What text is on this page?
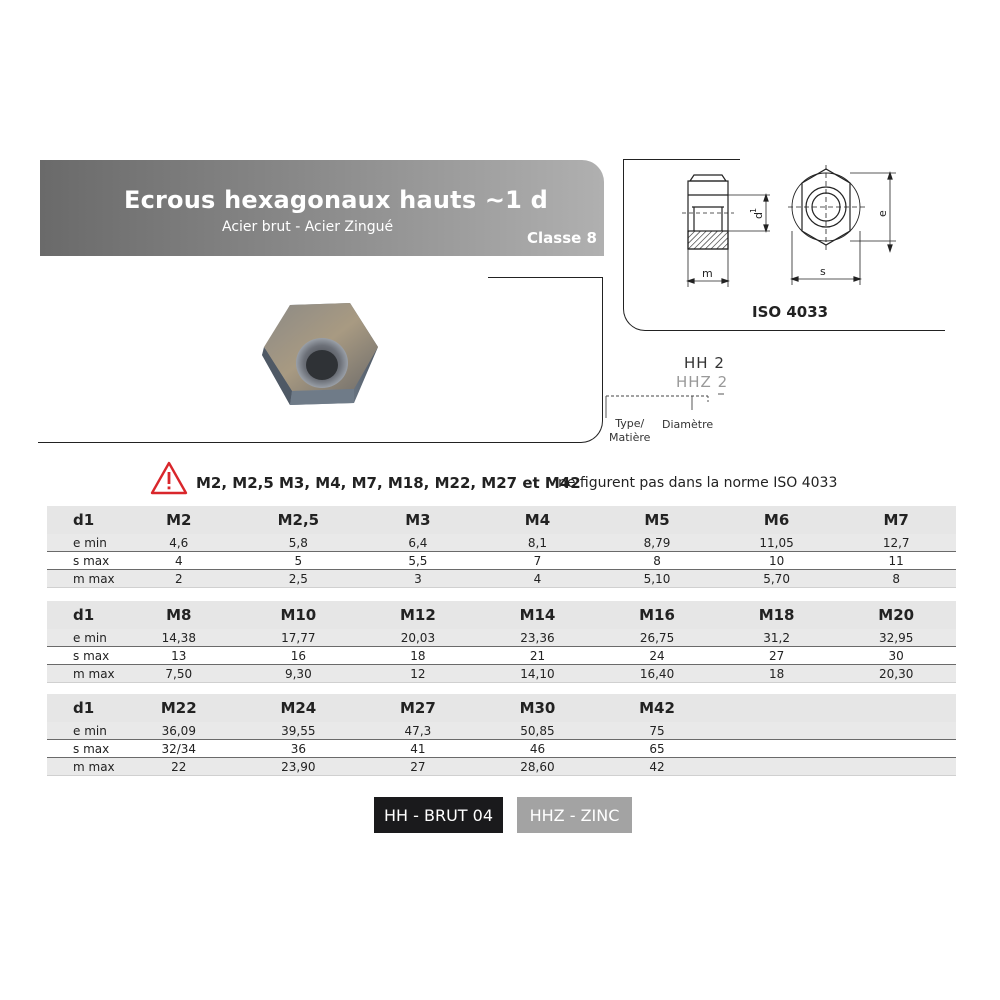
Ecrous hexagonaux hauts ~1 d
Acier brut - Acier Zingué
Classe 8
m	s
e
d
1
ISO 4033
HH 2
HHZ 2
Type/
Matière
Diamètre
M2, M2,5 M3, M4, M7, M18, M22, M27 et M42
ne figurent pas dans la norme ISO 4033
d1	M2	M2,5	M3	M4	M5	M6	M7
e min	4,6	5,8	6,4	8,1	8,79	11,05	12,7
s max	4	5	5,5	7	8	10	11
m max	2	2,5	3	4	5,10	5,70	8
d1	M8	M10	M12	M14	M16	M18	M20
e min	14,38	17,77	20,03	23,36	26,75	31,2	32,95
s max	13	16	18	21	24	27	30
m max	7,50	9,30	12	14,10	16,40	18	20,30
d1	M22	M24	M27	M30	M42		
e min	36,09	39,55	47,3	50,85	75		
s max	32/34	36	41	46	65		
m max	22	23,90	27	28,60	42		
HH - BRUT 04	HHZ - ZINC
